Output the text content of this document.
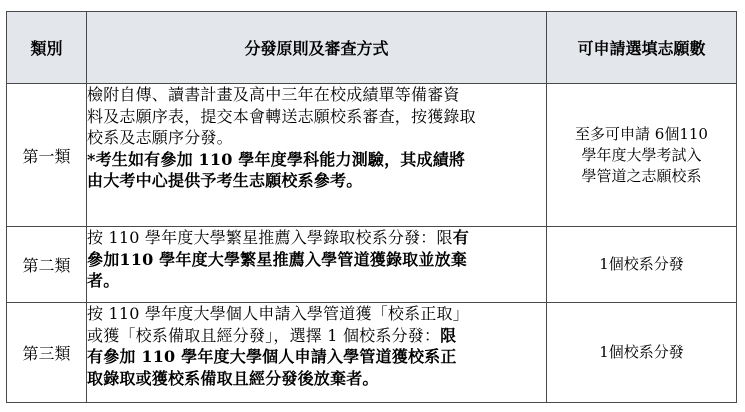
類別	分發原則及審查方式	可申請選填志願數
第一類	檢附自傳、讀書計畫及高中三年在校成績單等備審資
料及志願序表，提交本會轉送志願校系審查，按獲錄取
校系及志願序分發。
*考生如有參加 110 學年度學科能力測驗，其成績將
由大考中心提供予考生志願校系參考。	至多可申請 6個110
學年度大學考試入
學管道之志願校系

第二類	按 110 學年度大學繁星推薦入學錄取校系分發：限有
參加110 學年度大學繁星推薦入學管道獲錄取並放棄
者。	1個校系分發
第三類	按 110 學年度大學個人申請入學管道獲「校系正取」
或獲「校系備取且經分發」，選擇 1 個校系分發：限
有參加 110 學年度大學個人申請入學管道獲校系正
取錄取或獲校系備取且經分發後放棄者。	1個校系分發
